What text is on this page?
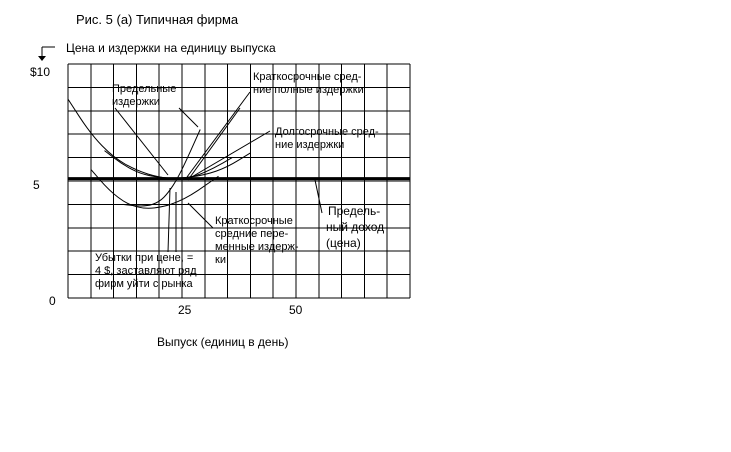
Рис. 5 (а) Типичная фирма
Цена и издержки на единицу выпуска
$10
5
0
25	50
Предельные
издержки
Краткосрочные сред-
ние полные издержки
Долгосрочные сред-
ние издержки
Краткосрочные
средние пере-
менные издерж-
ки
Предель-
ный доход
(цена)
Убытки при цене, =
4 $, заставляют ряд
фирм уйти с рынка
Выпуск (единиц в день)
